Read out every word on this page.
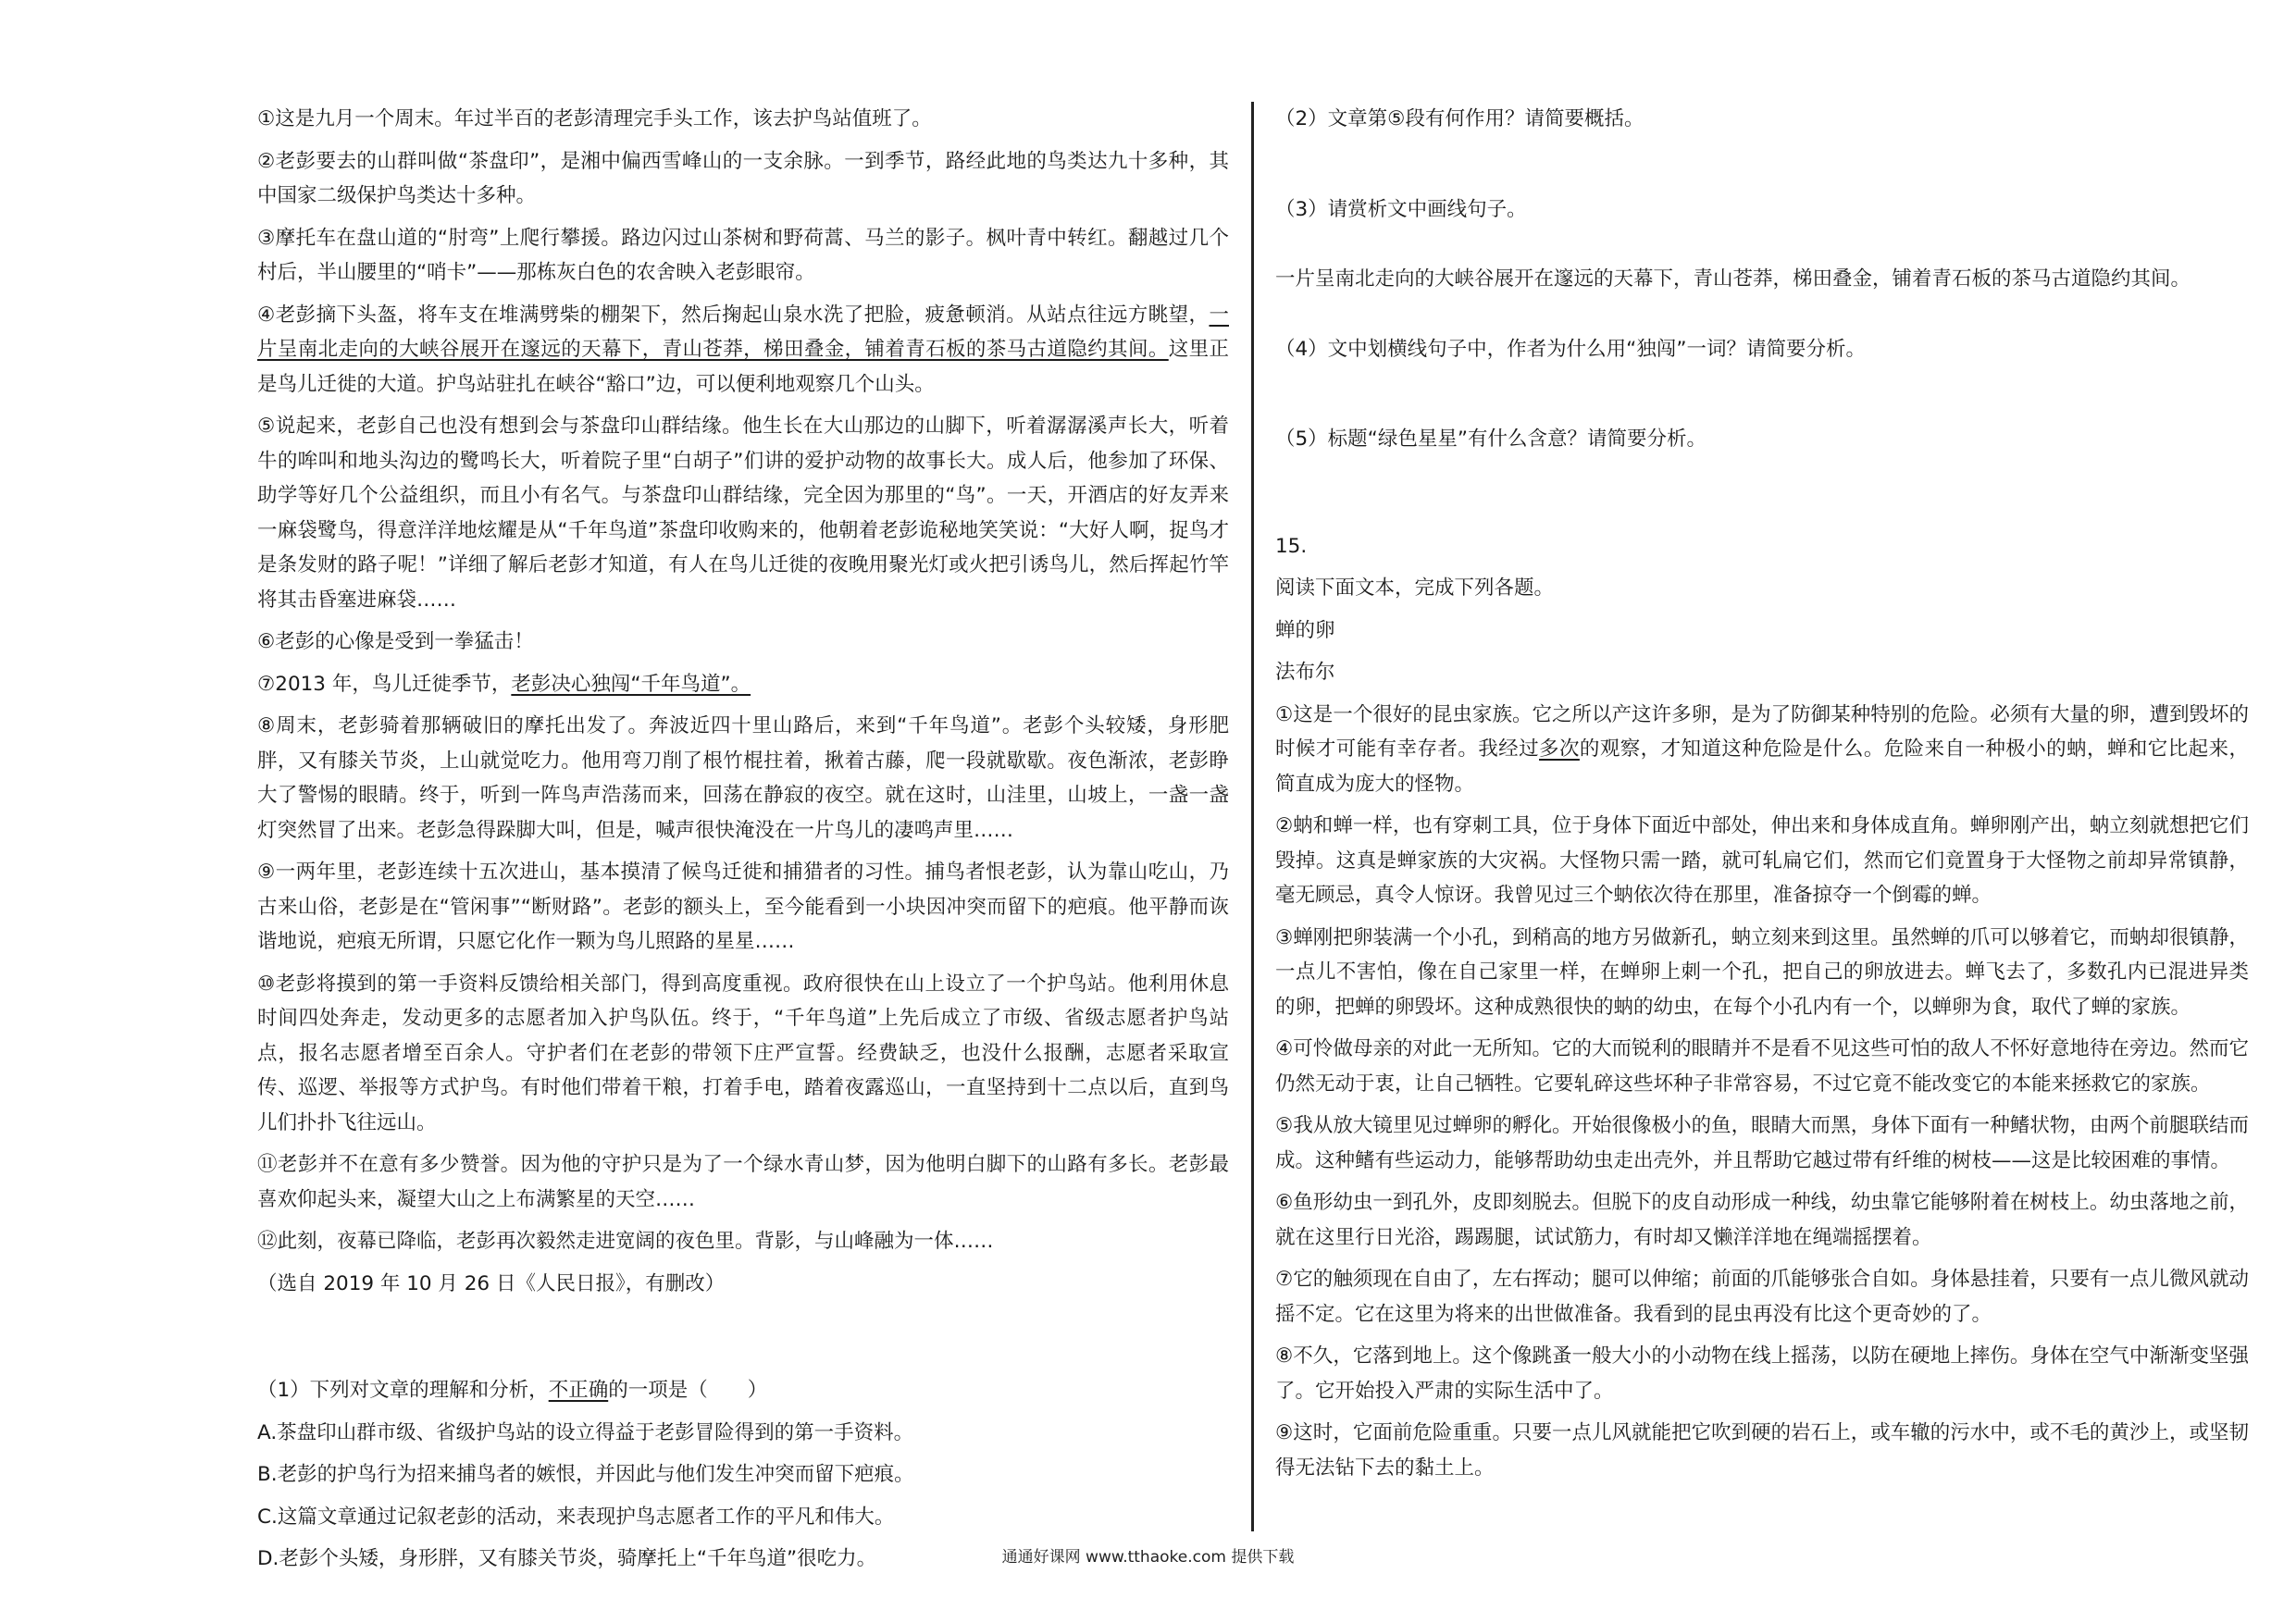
①这是九月一个周末。年过半百的老彭清理完手头工作，该去护鸟站值班了。

②老彭要去的山群叫做“茶盘印”，是湘中偏西雪峰山的一支余脉。一到季节，路经此地的鸟类达九十多种，其中国家二级保护鸟类达十多种。

③摩托车在盘山道的“肘弯”上爬行攀援。路边闪过山茶树和野荷蒿、马兰的影子。枫叶青中转红。翻越过几个村后，半山腰里的“哨卡”——那栋灰白色的农舍映入老彭眼帘。

④老彭摘下头盔，将车支在堆满劈柴的棚架下，然后掬起山泉水洗了把脸，疲惫顿消。从站点往远方眺望，一片呈南北走向的大峡谷展开在邃远的天幕下，青山苍莽，梯田叠金，铺着青石板的茶马古道隐约其间。这里正是鸟儿迁徙的大道。护鸟站驻扎在峡谷“豁口”边，可以便利地观察几个山头。

⑤说起来，老彭自己也没有想到会与茶盘印山群结缘。他生长在大山那边的山脚下，听着潺潺溪声长大，听着牛的哞叫和地头沟边的鹭鸣长大，听着院子里“白胡子”们讲的爱护动物的故事长大。成人后，他参加了环保、助学等好几个公益组织，而且小有名气。与茶盘印山群结缘，完全因为那里的“鸟”。一天，开酒店的好友弄来一麻袋鹭鸟，得意洋洋地炫耀是从“千年鸟道”茶盘印收购来的，他朝着老彭诡秘地笑笑说：“大好人啊，捉鸟才是条发财的路子呢！”详细了解后老彭才知道，有人在鸟儿迁徙的夜晚用聚光灯或火把引诱鸟儿，然后挥起竹竿将其击昏塞进麻袋……

⑥老彭的心像是受到一拳猛击！

⑦2013 年，鸟儿迁徙季节，老彭决心独闯“千年鸟道”。

⑧周末，老彭骑着那辆破旧的摩托出发了。奔波近四十里山路后，来到“千年鸟道”。老彭个头较矮，身形肥胖，又有膝关节炎，上山就觉吃力。他用弯刀削了根竹棍拄着，揪着古藤，爬一段就歇歇。夜色渐浓，老彭睁大了警惕的眼睛。终于，听到一阵鸟声浩荡而来，回荡在静寂的夜空。就在这时，山洼里，山坡上，一盏一盏灯突然冒了出来。老彭急得跺脚大叫，但是，喊声很快淹没在一片鸟儿的凄鸣声里……

⑨一两年里，老彭连续十五次进山，基本摸清了候鸟迁徙和捕猎者的习性。捕鸟者恨老彭，认为靠山吃山，乃古来山俗，老彭是在“管闲事”“断财路”。老彭的额头上，至今能看到一小块因冲突而留下的疤痕。他平静而诙谐地说，疤痕无所谓，只愿它化作一颗为鸟儿照路的星星……

⑩老彭将摸到的第一手资料反馈给相关部门，得到高度重视。政府很快在山上设立了一个护鸟站。他利用休息时间四处奔走，发动更多的志愿者加入护鸟队伍。终于，“千年鸟道”上先后成立了市级、省级志愿者护鸟站点，报名志愿者增至百余人。守护者们在老彭的带领下庄严宣誓。经费缺乏，也没什么报酬，志愿者采取宣传、巡逻、举报等方式护鸟。有时他们带着干粮，打着手电，踏着夜露巡山，一直坚持到十二点以后，直到鸟儿们扑扑飞往远山。

⑪老彭并不在意有多少赞誉。因为他的守护只是为了一个绿水青山梦，因为他明白脚下的山路有多长。老彭最喜欢仰起头来，凝望大山之上布满繁星的天空……

⑫此刻，夜幕已降临，老彭再次毅然走进宽阔的夜色里。背影，与山峰融为一体……

（选自 2019 年 10 月 26 日《人民日报》，有删改）

（1）下列对文章的理解和分析，不正确的一项是（　　）

A.茶盘印山群市级、省级护鸟站的设立得益于老彭冒险得到的第一手资料。

B.老彭的护鸟行为招来捕鸟者的嫉恨，并因此与他们发生冲突而留下疤痕。

C.这篇文章通过记叙老彭的活动，来表现护鸟志愿者工作的平凡和伟大。

D.老彭个头矮，身形胖，又有膝关节炎，骑摩托上“千年鸟道”很吃力。

（2）文章第⑤段有何作用？请简要概括。

（3）请赏析文中画线句子。

一片呈南北走向的大峡谷展开在邃远的天幕下，青山苍莽，梯田叠金，铺着青石板的茶马古道隐约其间。

（4）文中划横线句子中，作者为什么用“独闯”一词？请简要分析。

（5）标题“绿色星星”有什么含意？请简要分析。

15.

阅读下面文本，完成下列各题。

蝉的卵

法布尔

①这是一个很好的昆虫家族。它之所以产这许多卵，是为了防御某种特别的危险。必须有大量的卵，遭到毁坏的时候才可能有幸存者。我经过多次的观察，才知道这种危险是什么。危险来自一种极小的蚋，蝉和它比起来，简直成为庞大的怪物。

②蚋和蝉一样，也有穿刺工具，位于身体下面近中部处，伸出来和身体成直角。蝉卵刚产出，蚋立刻就想把它们毁掉。这真是蝉家族的大灾祸。大怪物只需一踏，就可轧扁它们，然而它们竟置身于大怪物之前却异常镇静，毫无顾忌，真令人惊讶。我曾见过三个蚋依次待在那里，准备掠夺一个倒霉的蝉。

③蝉刚把卵装满一个小孔，到稍高的地方另做新孔，蚋立刻来到这里。虽然蝉的爪可以够着它，而蚋却很镇静，一点儿不害怕，像在自己家里一样，在蝉卵上刺一个孔，把自己的卵放进去。蝉飞去了，多数孔内已混进异类的卵，把蝉的卵毁坏。这种成熟很快的蚋的幼虫，在每个小孔内有一个，以蝉卵为食，取代了蝉的家族。

④可怜做母亲的对此一无所知。它的大而锐利的眼睛并不是看不见这些可怕的敌人不怀好意地待在旁边。然而它仍然无动于衷，让自己牺牲。它要轧碎这些坏种子非常容易，不过它竟不能改变它的本能来拯救它的家族。

⑤我从放大镜里见过蝉卵的孵化。开始很像极小的鱼，眼睛大而黑，身体下面有一种鳍状物，由两个前腿联结而成。这种鳍有些运动力，能够帮助幼虫走出壳外，并且帮助它越过带有纤维的树枝——这是比较困难的事情。

⑥鱼形幼虫一到孔外，皮即刻脱去。但脱下的皮自动形成一种线，幼虫靠它能够附着在树枝上。幼虫落地之前，就在这里行日光浴，踢踢腿，试试筋力，有时却又懒洋洋地在绳端摇摆着。

⑦它的触须现在自由了，左右挥动；腿可以伸缩；前面的爪能够张合自如。身体悬挂着，只要有一点儿微风就动摇不定。它在这里为将来的出世做准备。我看到的昆虫再没有比这个更奇妙的了。

⑧不久，它落到地上。这个像跳蚤一般大小的小动物在线上摇荡，以防在硬地上摔伤。身体在空气中渐渐变坚强了。它开始投入严肃的实际生活中了。

⑨这时，它面前危险重重。只要一点儿风就能把它吹到硬的岩石上，或车辙的污水中，或不毛的黄沙上，或坚韧得无法钻下去的黏土上。

通通好课网 www.tthaoke.com 提供下载
